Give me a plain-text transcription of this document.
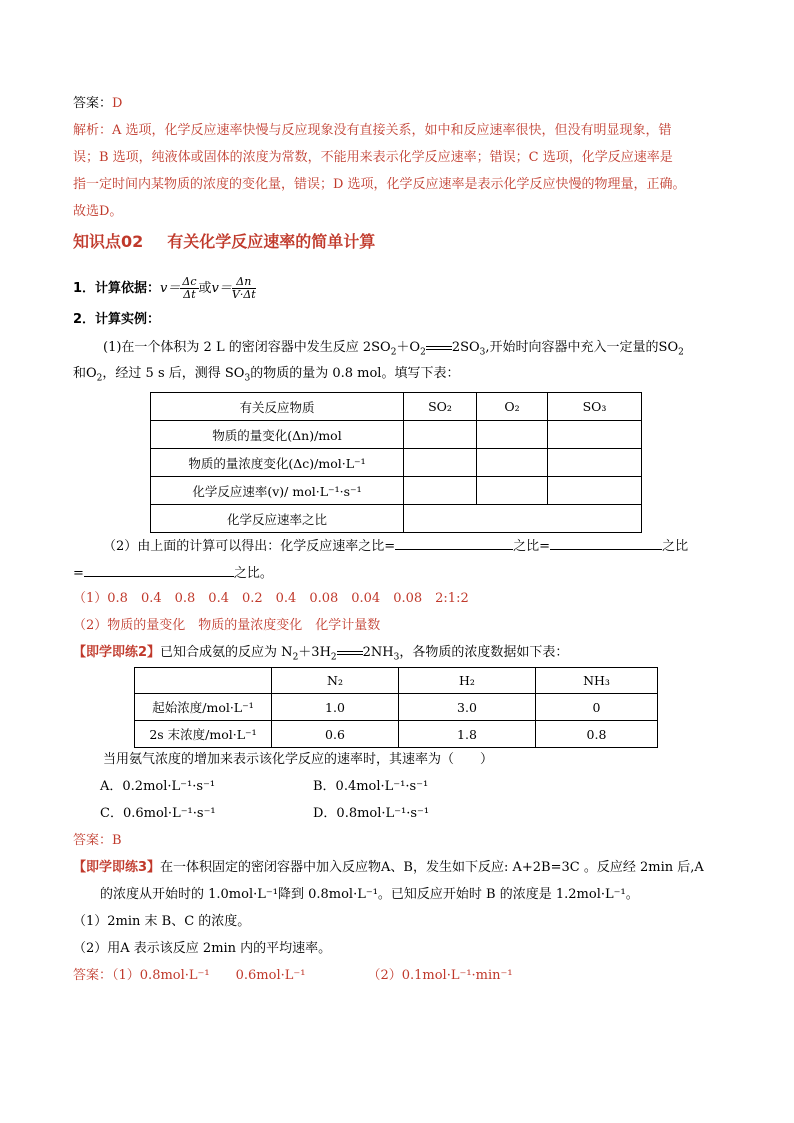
答案：D
解析：A 选项，化学反应速率快慢与反应现象没有直接关系，如中和反应速率很快，但没有明显现象，错
误；B 选项，纯液体或固体的浓度为常数，不能用来表示化学反应速率；错误；C 选项，化学反应速率是
指一定时间内某物质的浓度的变化量，错误；D 选项，化学反应速率是表示化学反应快慢的物理量，正确。
故选D。
知识点02 有关化学反应速率的简单计算
1．计算依据：$v= \frac{\Delta c}{\Delta t}$ 或$v= \frac{\Delta n}{V\cdot\Delta t}$
2．计算实例：
(1)在一个体积为 2 L 的密闭容器中发生反应 $2SO_2+O_2$ $2SO_3$,开始时向容器中充入一定量的$SO_2$
和$O_2$，经过 5 s 后，测得 $SO_3$的物质的量为 0.8 mol。填写下表：
有关反应物质	SO₂	O₂	SO₃
物质的量变化(Δn)/mol			
物质的量浓度变化(Δc)/mol·L⁻¹			
化学反应速率(v)/ mol·L⁻¹·s⁻¹			
化学反应速率之比			
（2）由上面的计算可以得出：化学反应速率之比=	之比=	之比
=	之比。
（1）0.8　0.4　0.8　0.4　0.2　0.4　0.08　0.04　0.08　2:1:2
（2）物质的量变化　物质的量浓度变化　化学计量数
【即学即练2】已知合成氨的反应为 $N_2+3H_2$ $2NH_3$，各物质的浓度数据如下表：
	N₂	H₂	NH₃
起始浓度/mol·L⁻¹	1.0	3.0	0
2s 末浓度/mol·L⁻¹	0.6	1.8	0.8
当用氨气浓度的增加来表示该化学反应的速率时，其速率为（　　）
A．0.2mol·L⁻¹·s⁻¹	B．0.4mol·L⁻¹·s⁻¹
C．0.6mol·L⁻¹·s⁻¹	D．0.8mol·L⁻¹·s⁻¹
答案：B
【即学即练3】在一体积固定的密闭容器中加入反应物A、B，发生如下反应: A+2B=3C 。反应经 2min 后,A
的浓度从开始时的 1.0mol·L⁻¹降到 0.8mol·L⁻¹。已知反应开始时 B 的浓度是 1.2mol·L⁻¹。
（1）2min 末 B、C 的浓度。
（2）用A 表示该反应 2min 内的平均速率。
答案：（1）0.8mol·L⁻¹　　0.6mol·L⁻¹	（2）0.1mol·L⁻¹·min⁻¹
